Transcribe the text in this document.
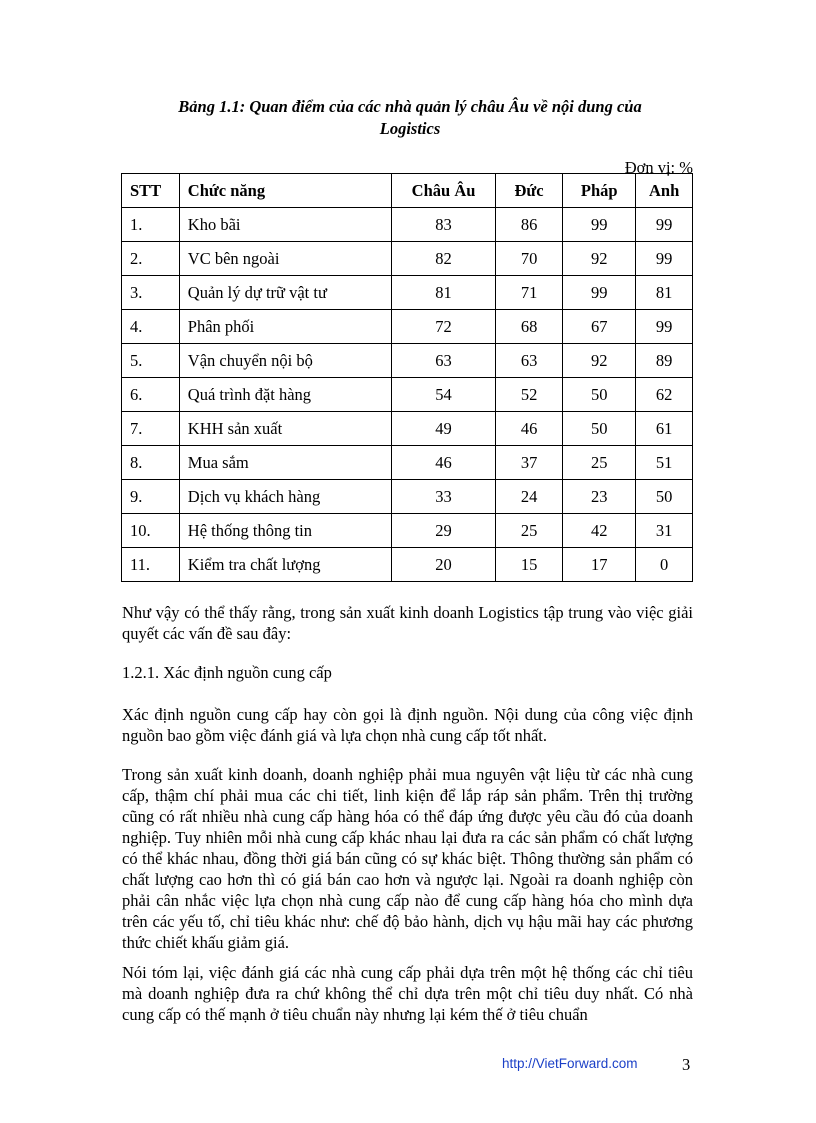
Bảng 1.1: Quan điểm của các nhà quản lý châu Âu về nội dung của Logistics
Đơn vị: %
STT	Chức năng	Châu Âu	Đức	Pháp	Anh
1.	Kho bãi	83	86	99	99
2.	VC bên ngoài	82	70	92	99
3.	Quản lý dự trữ vật tư	81	71	99	81
4.	Phân phối	72	68	67	99
5.	Vận chuyển nội bộ	63	63	92	89
6.	Quá trình đặt hàng	54	52	50	62
7.	KHH sản xuất	49	46	50	61
8.	Mua sắm	46	37	25	51
9.	Dịch vụ khách hàng	33	24	23	50
10.	Hệ thống thông tin	29	25	42	31
11.	Kiểm tra chất lượng	20	15	17	0

Như vậy có thể thấy rằng, trong sản xuất kinh doanh Logistics tập trung vào việc giải quyết các vấn đề sau đây:

1.2.1. Xác định nguồn cung cấp

Xác định nguồn cung cấp hay còn gọi là định nguồn. Nội dung của công việc định nguồn bao gồm việc đánh giá và lựa chọn nhà cung cấp tốt nhất.

Trong sản xuất kinh doanh, doanh nghiệp phải mua nguyên vật liệu từ các nhà cung cấp, thậm chí phải mua các chi tiết, linh kiện để lắp ráp sản phẩm. Trên thị trường cũng có rất nhiều nhà cung cấp hàng hóa có thể đáp ứng được yêu cầu đó của doanh nghiệp. Tuy nhiên mỗi nhà cung cấp khác nhau lại đưa ra các sản phẩm có chất lượng có thể khác nhau, đồng thời giá bán cũng có sự khác biệt. Thông thường sản phẩm có chất lượng cao hơn thì có giá bán cao hơn và ngược lại. Ngoài ra doanh nghiệp còn phải cân nhắc việc lựa chọn nhà cung cấp nào để cung cấp hàng hóa cho mình dựa trên các yếu tố, chỉ tiêu khác như: chế độ bảo hành, dịch vụ hậu mãi hay các phương thức chiết khấu giảm giá.

Nói tóm lại, việc đánh giá các nhà cung cấp phải dựa trên một hệ thống các chỉ tiêu mà doanh nghiệp đưa ra chứ không thể chỉ dựa trên một chỉ tiêu duy nhất. Có nhà cung cấp có thế mạnh ở tiêu chuẩn này nhưng lại kém thế ở tiêu chuẩn

http://VietForward.com	3
